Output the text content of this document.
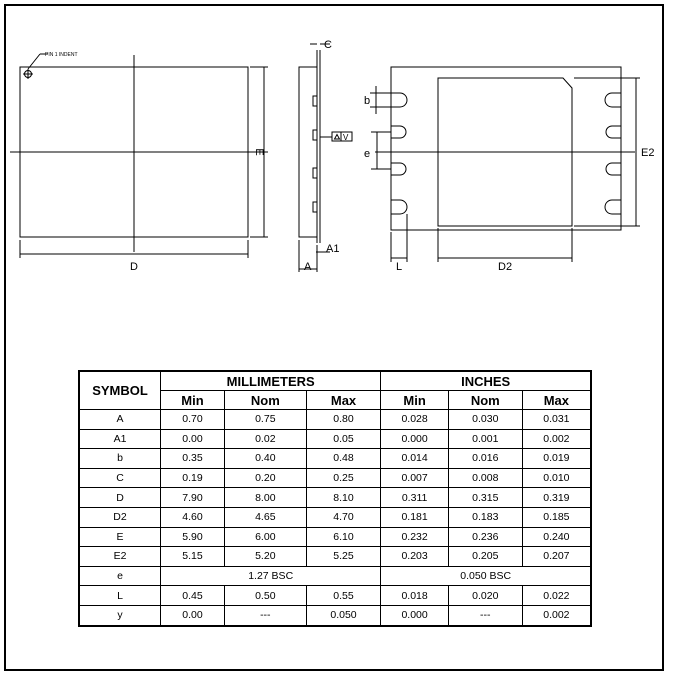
PIN 1 INDENT
D
E
C
A
A1
V
b
e
L	D2
E2
SYMBOL	MILLIMETERS			INCHES		
	Min	Nom	Max	Min	Nom	Max
A	0.70	0.75	0.80	0.028	0.030	0.031
A1	0.00	0.02	0.05	0.000	0.001	0.002
b	0.35	0.40	0.48	0.014	0.016	0.019
C	0.19	0.20	0.25	0.007	0.008	0.010
D	7.90	8.00	8.10	0.311	0.315	0.319
D2	4.60	4.65	4.70	0.181	0.183	0.185
E	5.90	6.00	6.10	0.232	0.236	0.240
E2	5.15	5.20	5.25	0.203	0.205	0.207
e	1.27 BSC			0.050 BSC		
L	0.45	0.50	0.55	0.018	0.020	0.022
y	0.00	---	0.050	0.000	---	0.002
